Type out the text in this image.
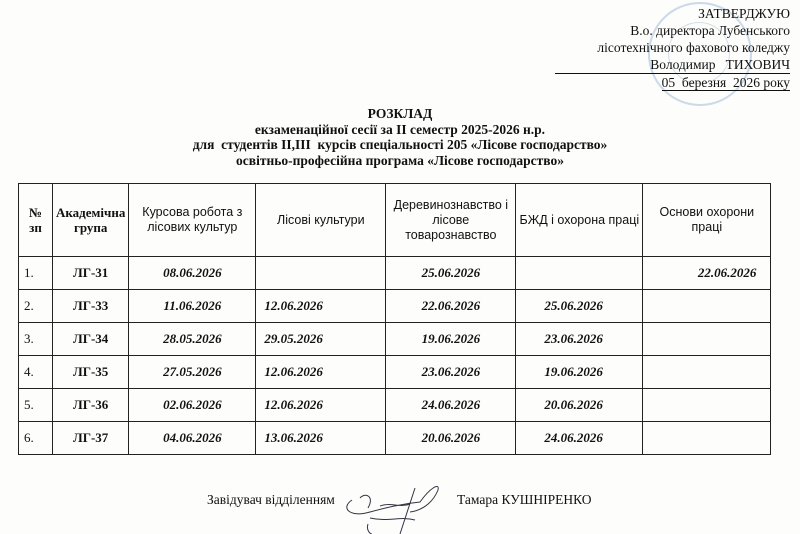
ЗАТВЕРДЖУЮ
В.о. директора Лубенського
лісотехнічного фахового коледжу
Володимир   ТИХОВИЧ
05  березня  2026 року
РОЗКЛАД
екзаменаційної сесії за ІІ семестр 2025-2026 н.р.
для  студентів ІІ,ІІІ  курсів спеціальності 205 «Лісове господарство»
освітньо-професійна програма «Лісове господарство»
№ зп	Академічна група	Курсова робота з лісових культур	Лісові культури	Деревинознавство і лісове товарознавство	БЖД і охорона праці	Основи охорони праці
1.	ЛГ-31	08.06.2026		25.06.2026		22.06.2026
2.	ЛГ-33	11.06.2026	12.06.2026	22.06.2026	25.06.2026	
3.	ЛГ-34	28.05.2026	29.05.2026	19.06.2026	23.06.2026	
4.	ЛГ-35	27.05.2026	12.06.2026	23.06.2026	19.06.2026	
5.	ЛГ-36	02.06.2026	12.06.2026	24.06.2026	20.06.2026	
6.	ЛГ-37	04.06.2026	13.06.2026	20.06.2026	24.06.2026	
Завідувач відділенням	Тамара КУШНІРЕНКО
